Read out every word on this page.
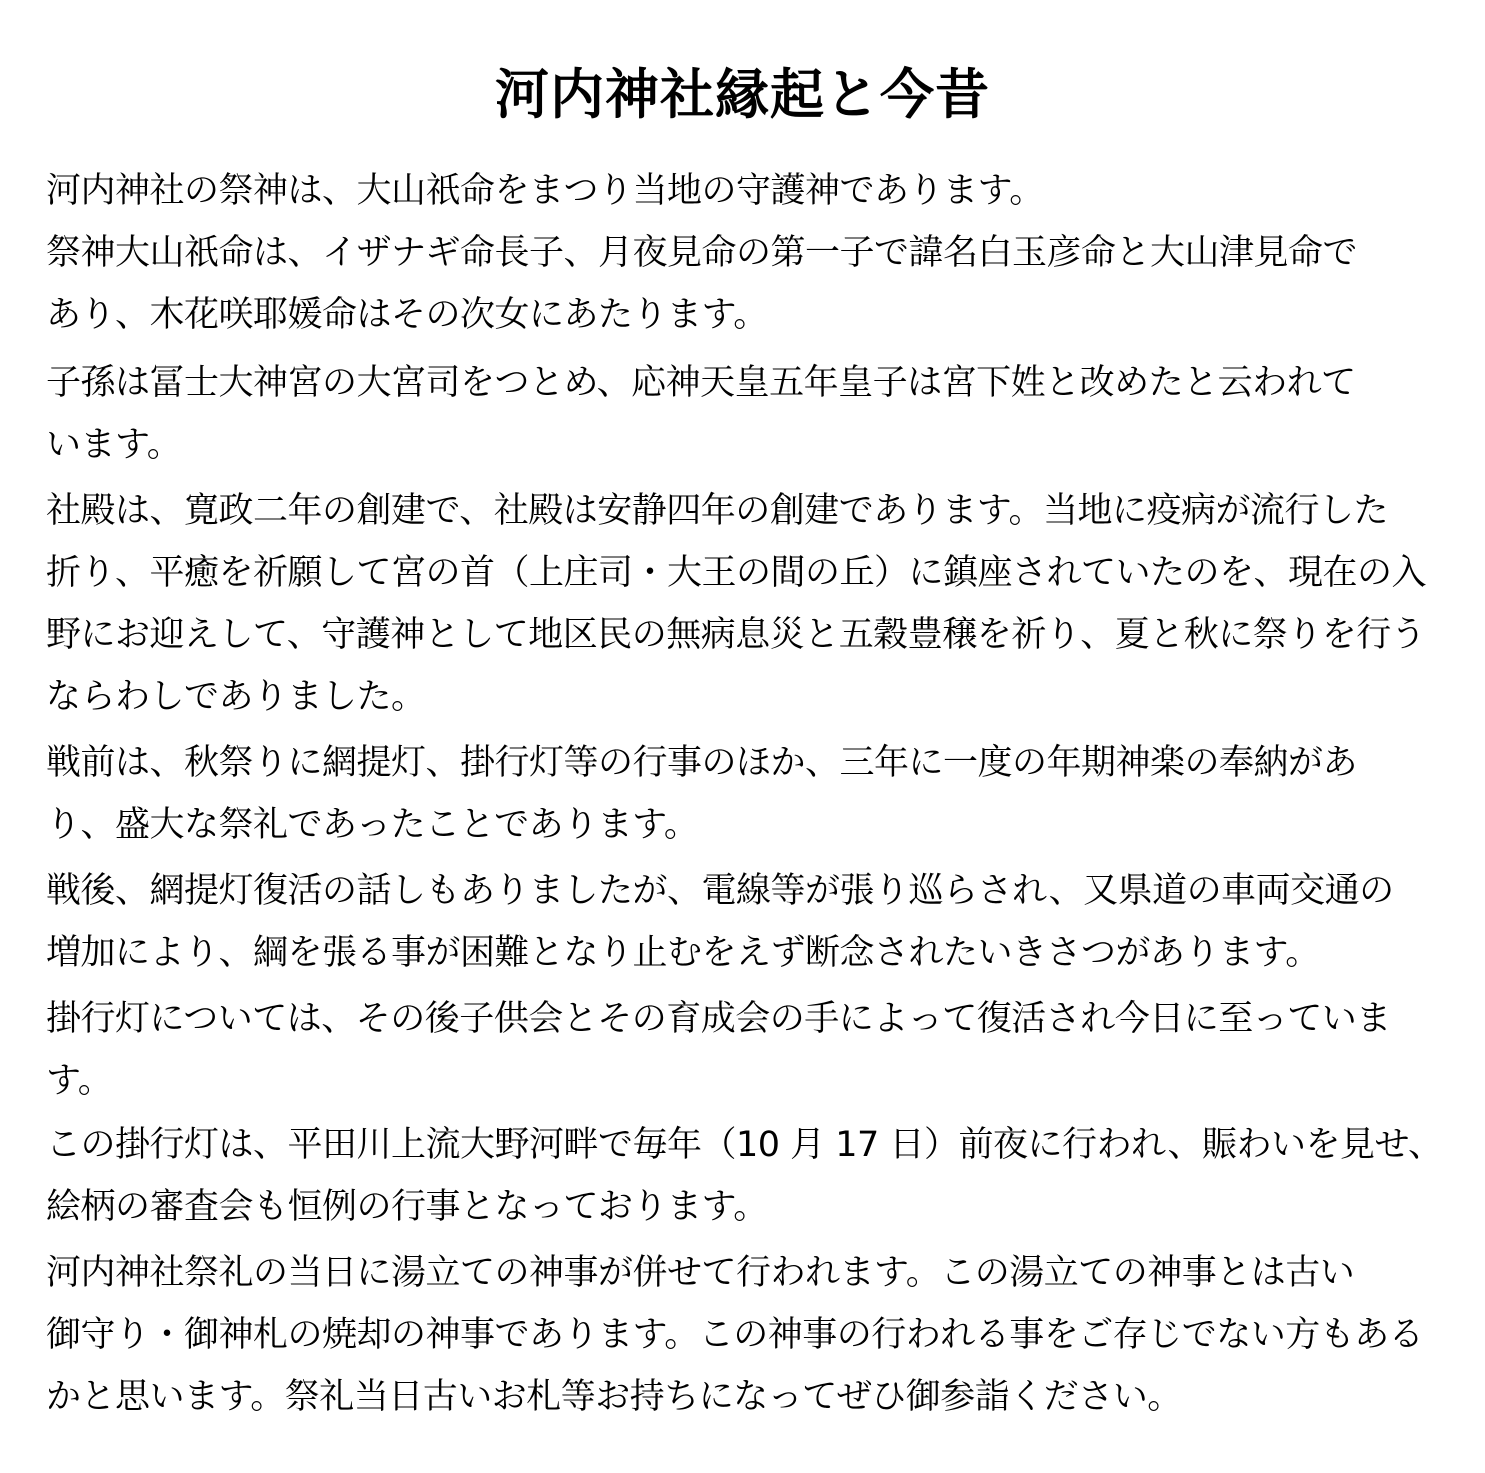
河内神社縁起と今昔
河内神社の祭神は、大山祇命をまつり当地の守護神であります。
祭神大山祇命は、イザナギ命長子、月夜見命の第一子で諱名白玉彦命と大山津見命で
あり、木花咲耶媛命はその次女にあたります。
子孫は冨士大神宮の大宮司をつとめ、応神天皇五年皇子は宮下姓と改めたと云われて
います。
社殿は、寛政二年の創建で、社殿は安静四年の創建であります。当地に疫病が流行した
折り、平癒を祈願して宮の首（上庄司・大王の間の丘）に鎮座されていたのを、現在の入
野にお迎えして、守護神として地区民の無病息災と五穀豊穣を祈り、夏と秋に祭りを行う
ならわしでありました。
戦前は、秋祭りに網提灯、掛行灯等の行事のほか、三年に一度の年期神楽の奉納があ
り、盛大な祭礼であったことであります。
戦後、網提灯復活の話しもありましたが、電線等が張り巡らされ、又県道の車両交通の
増加により、綱を張る事が困難となり止むをえず断念されたいきさつがあります。
掛行灯については、その後子供会とその育成会の手によって復活され今日に至っていま
す。
この掛行灯は、平田川上流大野河畔で毎年（10 月 17 日）前夜に行われ、賑わいを見せ、
絵柄の審査会も恒例の行事となっております。
河内神社祭礼の当日に湯立ての神事が併せて行われます。この湯立ての神事とは古い
御守り・御神札の焼却の神事であります。この神事の行われる事をご存じでない方もある
かと思います。祭礼当日古いお札等お持ちになってぜひ御参詣ください。
